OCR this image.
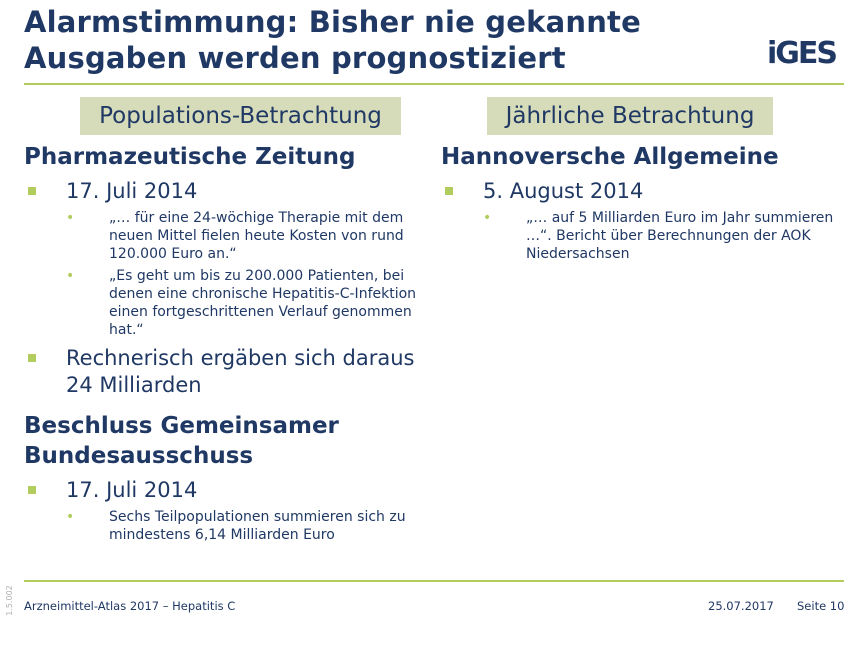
Alarmstimmung: Bisher nie gekannte
Ausgaben werden prognostiziert	iGES
Populations-Betrachtung	Jährliche Betrachtung
Pharmazeutische Zeitung
17. Juli 2014
• „… für eine 24-wöchige Therapie mit dem neuen Mittel fielen heute Kosten von rund 120.000 Euro an.“
• „Es geht um bis zu 200.000 Patienten, bei denen eine chronische Hepatitis-C-Infektion einen fortgeschrittenen Verlauf genommen hat.“
Rechnerisch ergäben sich daraus 24 Milliarden
Beschluss Gemeinsamer Bundesausschuss
17. Juli 2014
• Sechs Teilpopulationen summieren sich zu mindestens 6,14 Milliarden Euro
Hannoversche Allgemeine
5. August 2014
• „… auf 5 Milliarden Euro im Jahr summieren …“. Bericht über Berechnungen der AOK Niedersachsen
1.5.002 Arzneimittel-Atlas 2017 – Hepatitis C	25.07.2017 Seite 10
